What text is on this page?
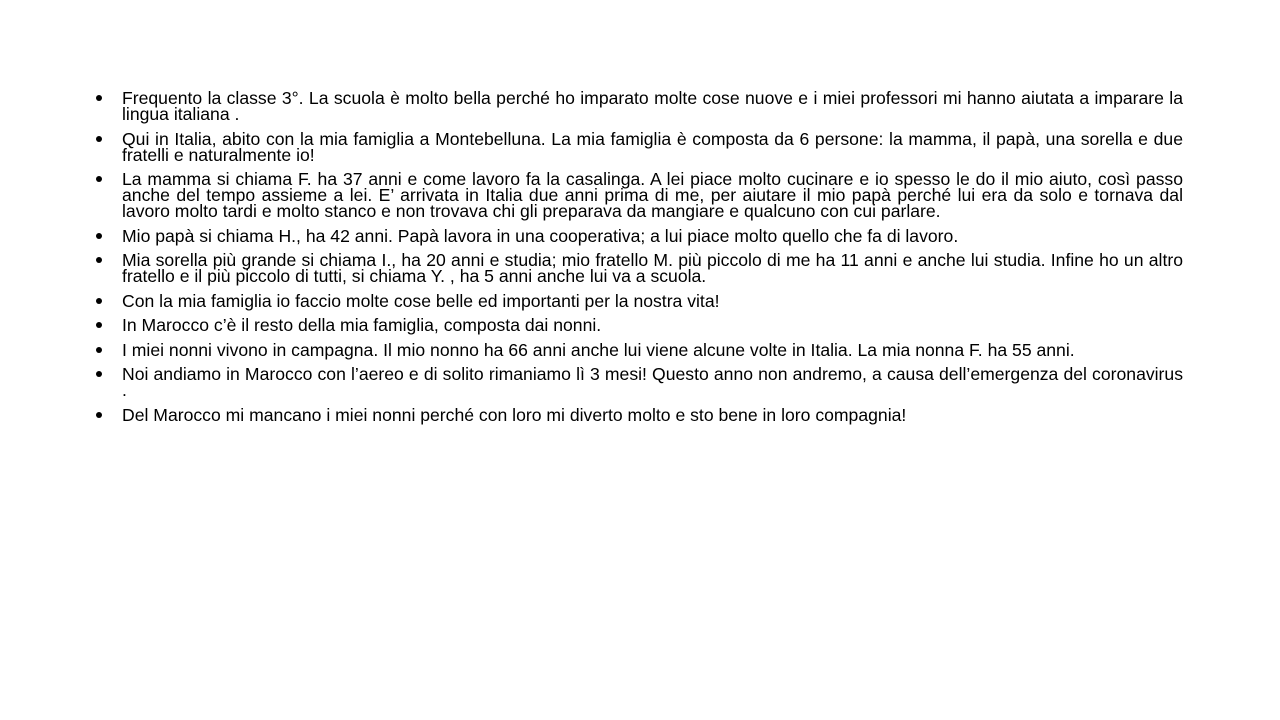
Frequento la classe 3°. La scuola è molto bella perché ho imparato molte cose nuove e i miei professori mi hanno aiutata a imparare la lingua italiana .
Qui in Italia, abito con la mia famiglia a Montebelluna. La mia famiglia è composta da 6 persone: la mamma, il papà, una sorella e due fratelli e naturalmente io!
La mamma si chiama F. ha 37 anni e come lavoro fa la casalinga. A lei piace molto cucinare e io spesso le do il mio aiuto, così passo anche del tempo assieme a lei. E’ arrivata in Italia due anni prima di me, per aiutare il mio papà perché lui era da solo e tornava dal lavoro molto tardi e molto stanco e non trovava chi gli preparava da mangiare e qualcuno con cui parlare.
Mio papà si chiama H., ha 42 anni. Papà lavora in una cooperativa; a lui piace molto quello che fa di lavoro.
Mia sorella più grande si chiama I., ha 20 anni e studia; mio fratello M. più piccolo di me ha 11 anni e anche lui studia. Infine ho un altro fratello e il più piccolo di tutti, si chiama Y. , ha 5 anni anche lui va a scuola.
Con la mia famiglia io faccio molte cose belle ed importanti per la nostra vita!
In Marocco c’è il resto della mia famiglia, composta dai nonni.
I miei nonni vivono in campagna. Il mio nonno ha 66 anni anche lui viene alcune volte in Italia. La mia nonna F. ha 55 anni.
Noi andiamo in Marocco con l’aereo e di solito rimaniamo lì 3 mesi! Questo anno non andremo, a causa dell’emergenza del coronavirus .
Del Marocco mi mancano i miei nonni perché con loro mi diverto molto e sto bene in loro compagnia!
